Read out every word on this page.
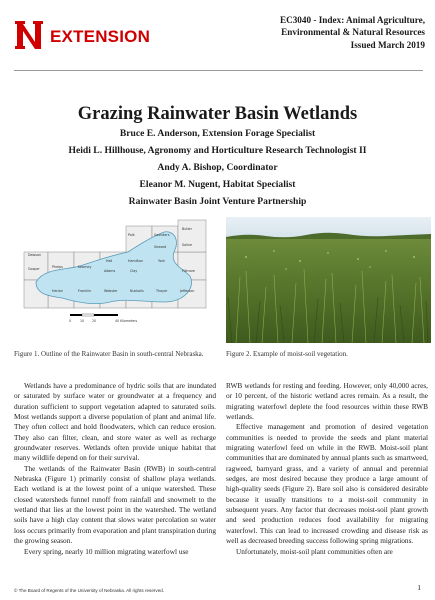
EXTENSION
EC3040 - Index: Animal Agriculture,
Environmental & Natural Resources
Issued March 2019
Grazing Rainwater Basin Wetlands
Bruce E. Anderson, Extension Forage Specialist
Heidi L. Hillhouse, Agronomy and Horticulture Research Technologist II
Andy A. Bishop, Coordinator
Eleanor M. Nugent, Habitat Specialist
Rainwater Basin Joint Venture Partnership
Butler
Saline
Saunders
Seward
York
Hall	Hamilton
Polk
Gosper	Phelps	Kearney
Adams	Clay	Fillmore
Harlan	Franklin	Webster	Nuckolls	Thayer	Jefferson
Dawson
0	10 20	40 Kilometers
Figure 1. Outline of the Rainwater Basin in south-central Nebraska.	Figure 2. Example of moist-soil vegetation.

Wetlands have a predominance of hydric soils that are inundated or saturated by surface water or groundwater at a frequency and duration sufficient to support vegetation adapted to saturated soils. Most wetlands support a diverse population of plant and animal life. They often collect and hold floodwaters, which can reduce erosion. They also can filter, clean, and store water as well as recharge groundwater reserves. Wetlands often provide unique habitat that many wildlife depend on for their survival.

The wetlands of the Rainwater Basin (RWB) in south-central Nebraska (Figure 1) primarily consist of shallow playa wetlands. Each wetland is at the lowest point of a unique watershed. These closed watersheds funnel runoff from rainfall and snowmelt to the wetland that lies at the lowest point in the watershed. The wetland soils have a high clay content that slows water percolation so water loss occurs primarily from evaporation and plant transpiration during the growing season.

Every spring, nearly 10 million migrating waterfowl use

RWB wetlands for resting and feeding. However, only 40,000 acres, or 10 percent, of the historic wetland acres remain. As a result, the migrating waterfowl deplete the food resources within these RWB wetlands.

Effective management and promotion of desired vegetation communities is needed to provide the seeds and plant material migrating waterfowl feed on while in the RWB. Moist-soil plant communities that are dominated by annual plants such as smartweed, ragweed, barnyard grass, and a variety of annual and perennial sedges, are most desired because they produce a large amount of high-quality seeds (Figure 2). Bare soil also is considered desirable because it usually transitions to a moist-soil community in subsequent years. Any factor that decreases moist-soil plant growth and seed production reduces food availability for migrating waterfowl. This can lead to increased crowding and disease risk as well as decreased breeding success following spring migrations.

Unfortunately, moist-soil plant communities often are

© The Board of Regents of the University of Nebraska. All rights reserved.	1
